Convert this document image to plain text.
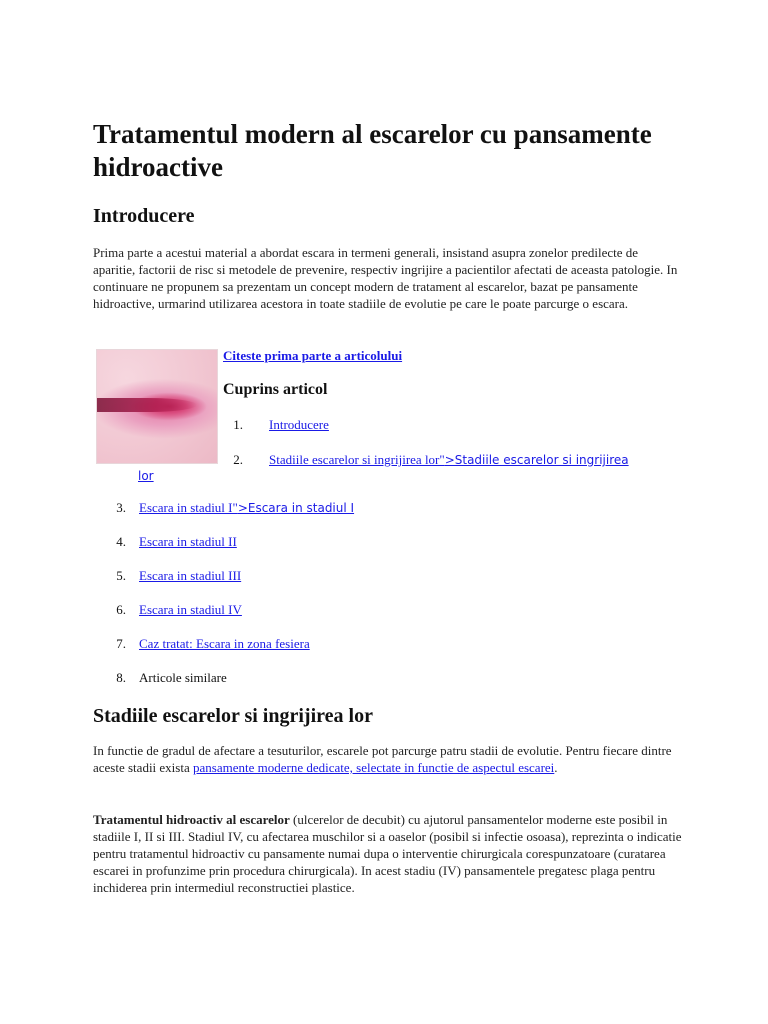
Tratamentul modern al escarelor cu pansamente hidroactive
Introducere

Prima parte a acestui material a abordat escara in termeni generali, insistand asupra zonelor predilecte de aparitie, factorii de risc si metodele de prevenire, respectiv ingrijire a pacientilor afectati de aceasta patologie. In continuare ne propunem sa prezentam un concept modern de tratament al escarelor, bazat pe pansamente hidroactive, urmarind utilizarea acestora in toate stadiile de evolutie pe care le poate parcurge o escara.

Citeste prima parte a articolului
Cuprins articol
1. Introducere
2. Stadiile escarelor si ingrijirea lor">Stadiile escarelor si ingrijirea
lor
3. Escara in stadiul I">Escara in stadiul I
4. Escara in stadiul II
5. Escara in stadiul III
6. Escara in stadiul IV
7. Caz tratat: Escara in zona fesiera
8. Articole similare
Stadiile escarelor si ingrijirea lor

In functie de gradul de afectare a tesuturilor, escarele pot parcurge patru stadii de evolutie. Pentru fiecare dintre aceste stadii exista pansamente moderne dedicate, selectate in functie de aspectul escarei.

Tratamentul hidroactiv al escarelor (ulcerelor de decubit) cu ajutorul pansamentelor moderne este posibil in stadiile I, II si III. Stadiul IV, cu afectarea muschilor si a oaselor (posibil si infectie osoasa), reprezinta o indicatie pentru tratamentul hidroactiv cu pansamente numai dupa o interventie chirurgicala corespunzatoare (curatarea escarei in profunzime prin procedura chirurgicala). In acest stadiu (IV) pansamentele pregatesc plaga pentru inchiderea prin intermediul reconstructiei plastice.
